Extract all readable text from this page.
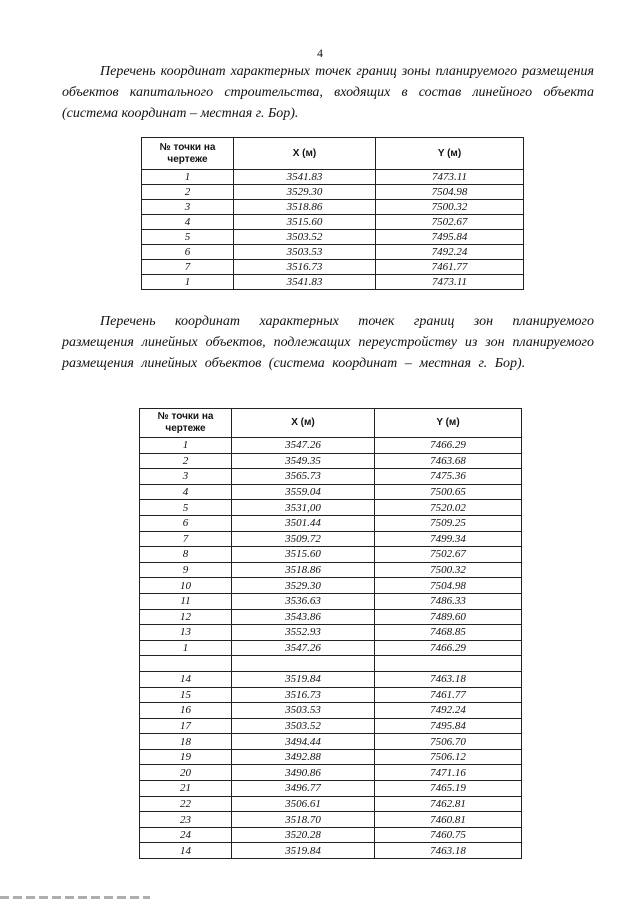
4
Перечень координат характерных точек границ зоны планируемого размещения объектов капитального строительства, входящих в состав линейного объекта (система координат – местная г. Бор).
№ точки на чертеже	X (м)	Y (м)
1	3541.83	7473.11
2	3529.30	7504.98
3	3518.86	7500.32
4	3515.60	7502.67
5	3503.52	7495.84
6	3503.53	7492.24
7	3516.73	7461.77
1	3541.83	7473.11
Перечень координат характерных точек границ зон планируемого размещения линейных объектов, подлежащих переустройству из зон планируемого размещения линейных объектов (система координат – местная г. Бор).
№ точки на чертеже	X (м)	Y (м)
1	3547.26	7466.29
2	3549.35	7463.68
3	3565.73	7475.36
4	3559.04	7500.65
5	3531,00	7520.02
6	3501.44	7509.25
7	3509.72	7499.34
8	3515.60	7502.67
9	3518.86	7500.32
10	3529.30	7504.98
11	3536.63	7486.33
12	3543.86	7489.60
13	3552.93	7468.85
1	3547.26	7466.29

14	3519.84	7463.18
15	3516.73	7461.77
16	3503.53	7492.24
17	3503.52	7495.84
18	3494.44	7506.70
19	3492.88	7506.12
20	3490.86	7471.16
21	3496.77	7465.19
22	3506.61	7462.81
23	3518.70	7460.81
24	3520.28	7460.75
14	3519.84	7463.18
